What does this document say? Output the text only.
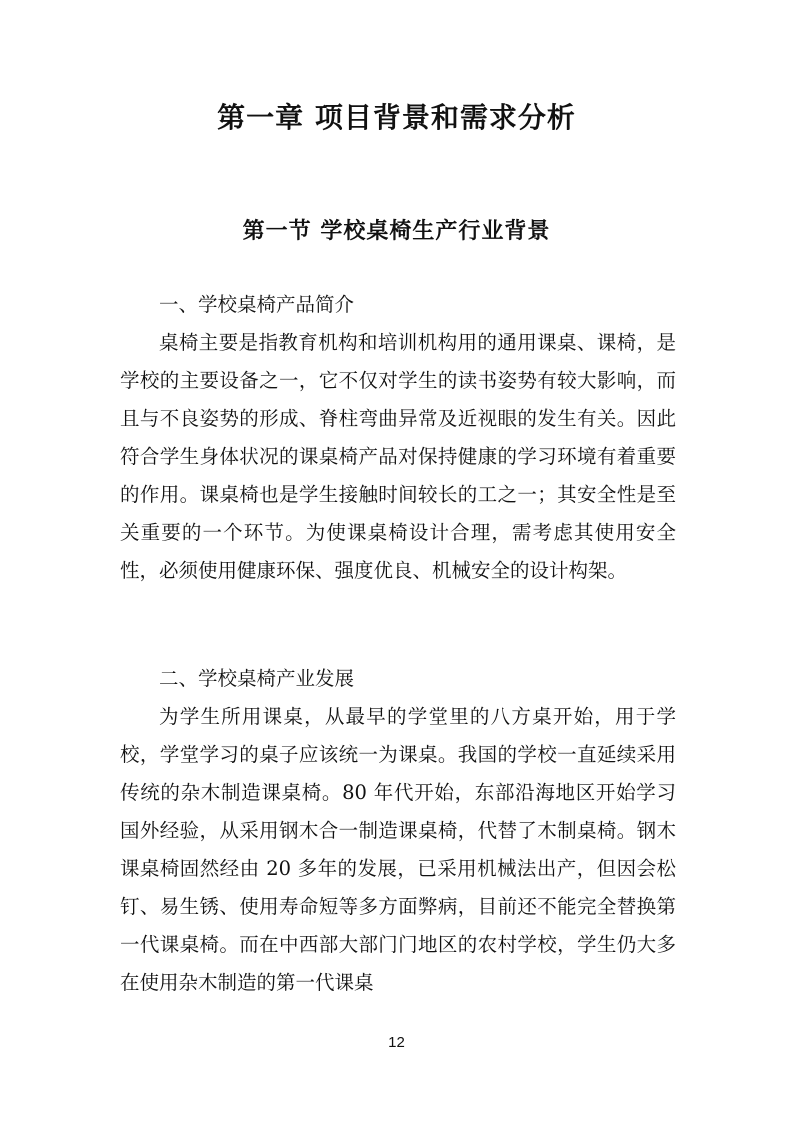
第一章 项目背景和需求分析
第一节 学校桌椅生产行业背景

一、学校桌椅产品简介

桌椅主要是指教育机构和培训机构用的通用课桌、课椅，是学校的主要设备之一，它不仅对学生的读书姿势有较大影响，而且与不良姿势的形成、脊柱弯曲异常及近视眼的发生有关。因此符合学生身体状况的课桌椅产品对保持健康的学习环境有着重要的作用。课桌椅也是学生接触时间较长的工之一；其安全性是至关重要的一个环节。为使课桌椅设计合理，需考虑其使用安全性，必须使用健康环保、强度优良、机械安全的设计构架。

二、学校桌椅产业发展

为学生所用课桌，从最早的学堂里的八方桌开始，用于学校，学堂学习的桌子应该统一为课桌。我国的学校一直延续采用传统的杂木制造课桌椅。80 年代开始，东部沿海地区开始学习国外经验，从采用钢木合一制造课桌椅，代替了木制桌椅。钢木课桌椅固然经由 20 多年的发展，已采用机械法出产，但因会松钉、易生锈、使用寿命短等多方面弊病，目前还不能完全替换第一代课桌椅。而在中西部大部门门地区的农村学校，学生仍大多在使用杂木制造的第一代课桌

12
